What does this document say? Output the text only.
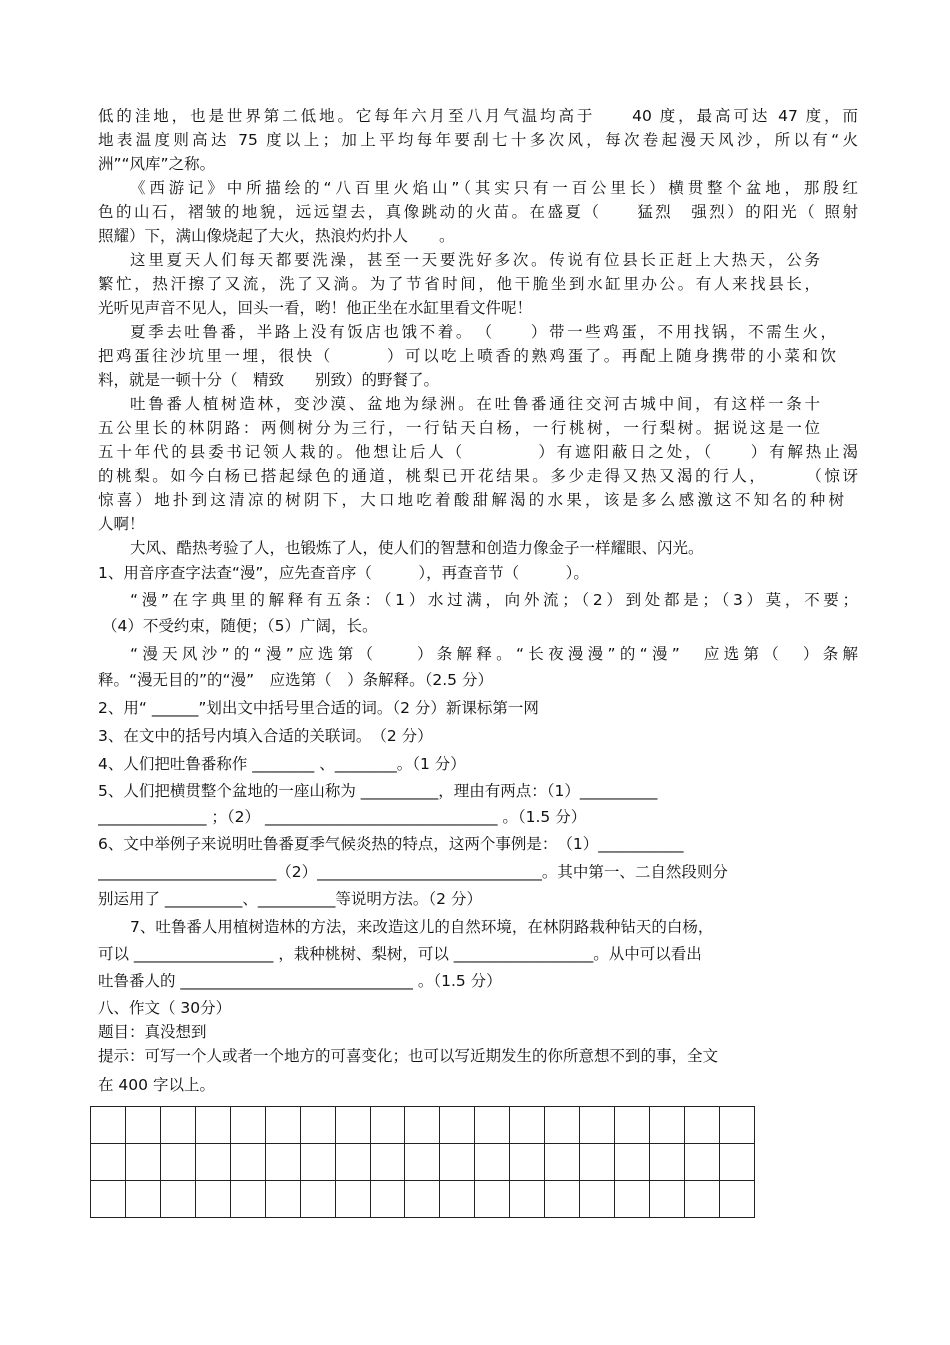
低的洼地，也是世界第二低地。它每年六月至八月气温均高于　　40 度，最高可达 47 度，而
地表温度则高达 75 度以上；加上平均每年要刮七十多次风，每次卷起漫天风沙，所以有“火
洲”“风库”之称。
《西游记》中所描绘的“八百里火焰山”（其实只有一百公里长）横贯整个盆地，那殷红
色的山石，褶皱的地貌，远远望去，真像跳动的火苗。在盛夏（　　猛烈　强烈）的阳光（ 照射
照耀）下，满山像烧起了大火，热浪灼灼扑人　　。
这里夏天人们每天都要洗澡，甚至一天要洗好多次。传说有位县长正赶上大热天，公务
繁忙，热汗擦了又流，洗了又淌。为了节省时间，他干脆坐到水缸里办公。有人来找县长，
光听见声音不见人，回头一看，哟！他正坐在水缸里看文件呢！
夏季去吐鲁番，半路上没有饭店也饿不着。　（　　）带一些鸡蛋，不用找锅，不需生火，
把鸡蛋往沙坑里一埋，很快（　　　）可以吃上喷香的熟鸡蛋了。再配上随身携带的小菜和饮
料，就是一顿十分（　精致　　别致）的野餐了。
吐鲁番人植树造林，变沙漠、盆地为绿洲。在吐鲁番通往交河古城中间，有这样一条十
五公里长的林阴路：两侧树分为三行，一行钻天白杨，一行桃树，一行梨树。据说这是一位
五十年代的县委书记领人栽的。他想让后人（　　　　）有遮阳蔽日之处，（　　）有解热止渴
的桃梨。如今白杨已搭起绿色的通道，桃梨已开花结果。多少走得又热又渴的行人，　　　（惊讶
惊喜）地扑到这清凉的树阴下，大口地吃着酸甜解渴的水果，该是多么感激这不知名的种树
人啊！
大风、酷热考验了人，也锻炼了人，使人们的智慧和创造力像金子一样耀眼、闪光。
1、用音序查字法查“漫”，应先查音序（　　　），再查音节（　　　）。
“漫”在字典里的解释有五条：（1）水过满，向外流；（2）到处都是；（3）莫，不要；
（4）不受约束，随便；（5）广阔，长。
“漫天风沙”的“漫”应选第（　　）条解释。“长夜漫漫”的“漫”　应选第（　）条解
释。“漫无目的”的“漫”　应选第（　）条解释。（2.5 分）
2、用“ ______”划出文中括号里合适的词。（2 分）新课标第一网
3、在文中的括号内填入合适的关联词。　（2 分）
4、人们把吐鲁番称作 ________ 、________。（1 分）
5、人们把横贯整个盆地的一座山称为 __________，理由有两点：（1）__________
______________ ；（2） ______________________________ 。（1.5 分）
6、文中举例子来说明吐鲁番夏季气候炎热的特点，这两个事例是：　（1）___________
_______________________（2）_____________________________。其中第一、二自然段则分
别运用了 __________、__________等说明方法。（2 分）
7、吐鲁番人用植树造林的方法，来改造这儿的自然环境，在林阴路栽种钻天的白杨，
可以 __________________ ，栽种桃树、梨树，可以 __________________。从中可以看出
吐鲁番人的 ______________________________ 。（1.5 分）
八、作文（ 30分）
题目：真没想到
提示：可写一个人或者一个地方的可喜变化；也可以写近期发生的你所意想不到的事，全文
在 400 字以上。
